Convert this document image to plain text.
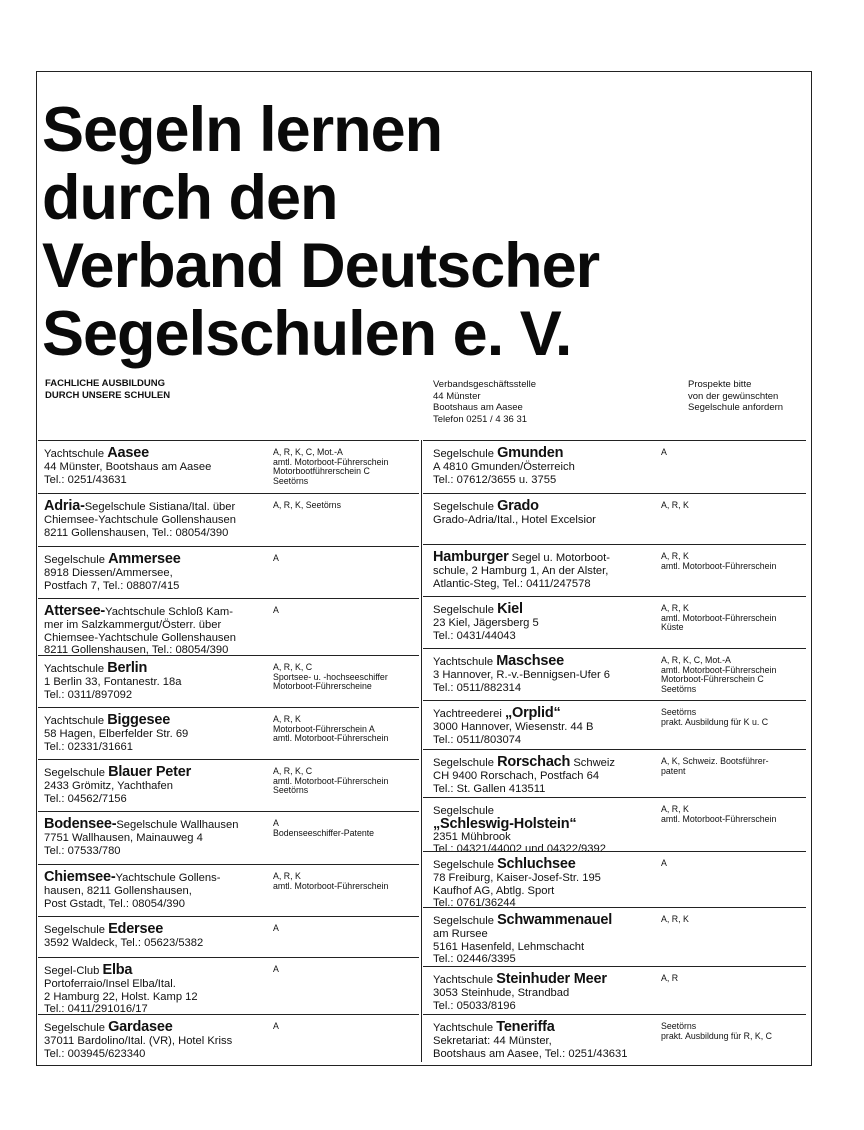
Segeln lernen
durch den
Verband Deutscher
Segelschulen e. V.
FACHLICHE AUSBILDUNG
DURCH UNSERE SCHULEN
Verbandsgeschäftsstelle
44 Münster
Bootshaus am Aasee
Telefon 0251 / 4 36 31
Prospekte bitte
von der gewünschten
Segelschule anfordern
Yachtschule Aasee
44 Münster, Bootshaus am Aasee
Tel.: 0251/43631
A, R, K, C, Mot.-A
amtl. Motorboot-Führerschein
Motorbootführerschein C
Seetörns
Adria-Segelschule Sistiana/Ital. über
Chiemsee-Yachtschule Gollenshausen
8211 Gollenshausen, Tel.: 08054/390
A, R, K, Seetörns
Segelschule Ammersee
8918 Diessen/Ammersee,
Postfach 7, Tel.: 08807/415
A
Attersee-Yachtschule Schloß Kam-
mer im Salzkammergut/Österr. über
Chiemsee-Yachtschule Gollenshausen
8211 Gollenshausen, Tel.: 08054/390
A
Yachtschule Berlin
1 Berlin 33, Fontanestr. 18a
Tel.: 0311/897092
A, R, K, C
Sportsee- u. -hochseeschiffer
Motorboot-Führerscheine
Yachtschule Biggesee
58 Hagen, Elberfelder Str. 69
Tel.: 02331/31661
A, R, K
Motorboot-Führerschein A
amtl. Motorboot-Führerschein
Segelschule Blauer Peter
2433 Grömitz, Yachthafen
Tel.: 04562/7156
A, R, K, C
amtl. Motorboot-Führerschein
Seetörns
Bodensee-Segelschule Wallhausen
7751 Wallhausen, Mainauweg 4
Tel.: 07533/780
A
Bodenseeschiffer-Patente
Chiemsee-Yachtschule Gollens-
hausen, 8211 Gollenshausen,
Post Gstadt, Tel.: 08054/390
A, R, K
amtl. Motorboot-Führerschein
Segelschule Edersee
3592 Waldeck, Tel.: 05623/5382
A
Segel-Club Elba
Portoferraio/Insel Elba/Ital.
2 Hamburg 22, Holst. Kamp 12
Tel.: 0411/291016/17
A
Segelschule Gardasee
37011 Bardolino/Ital. (VR), Hotel Kriss
Tel.: 003945/623340
A
Segelschule Gmunden
A 4810 Gmunden/Österreich
Tel.: 07612/3655 u. 3755
A
Segelschule Grado
Grado-Adria/Ital., Hotel Excelsior
A, R, K
Hamburger Segel u. Motorboot-
schule, 2 Hamburg 1, An der Alster,
Atlantic-Steg, Tel.: 0411/247578
A, R, K
amtl. Motorboot-Führerschein
Segelschule Kiel
23 Kiel, Jägersberg 5
Tel.: 0431/44043
A, R, K
amtl. Motorboot-Führerschein
Küste
Yachtschule Maschsee
3 Hannover, R.-v.-Bennigsen-Ufer 6
Tel.: 0511/882314
A, R, K, C, Mot.-A
amtl. Motorboot-Führerschein
Motorboot-Führerschein C
Seetörns
Yachtreederei „Orplid“
3000 Hannover, Wiesenstr. 44 B
Tel.: 0511/803074
Seetörns
prakt. Ausbildung für K u. C
Segelschule Rorschach Schweiz
CH 9400 Rorschach, Postfach 64
Tel.: St. Gallen 413511
A, K, Schweiz. Bootsführer-
patent
Segelschule
„Schleswig-Holstein“
2351 Mühbrook
Tel.: 04321/44002 und 04322/9392
A, R, K
amtl. Motorboot-Führerschein
Segelschule Schluchsee
78 Freiburg, Kaiser-Josef-Str. 195
Kaufhof AG, Abtlg. Sport
Tel.: 0761/36244
A
Segelschule Schwammenauel
am Rursee
5161 Hasenfeld, Lehmschacht
Tel.: 02446/3395
A, R, K
Yachtschule Steinhuder Meer
3053 Steinhude, Strandbad
Tel.: 05033/8196
A, R
Yachtschule Teneriffa
Sekretariat: 44 Münster,
Bootshaus am Aasee, Tel.: 0251/43631
Seetörns
prakt. Ausbildung für R, K, C
